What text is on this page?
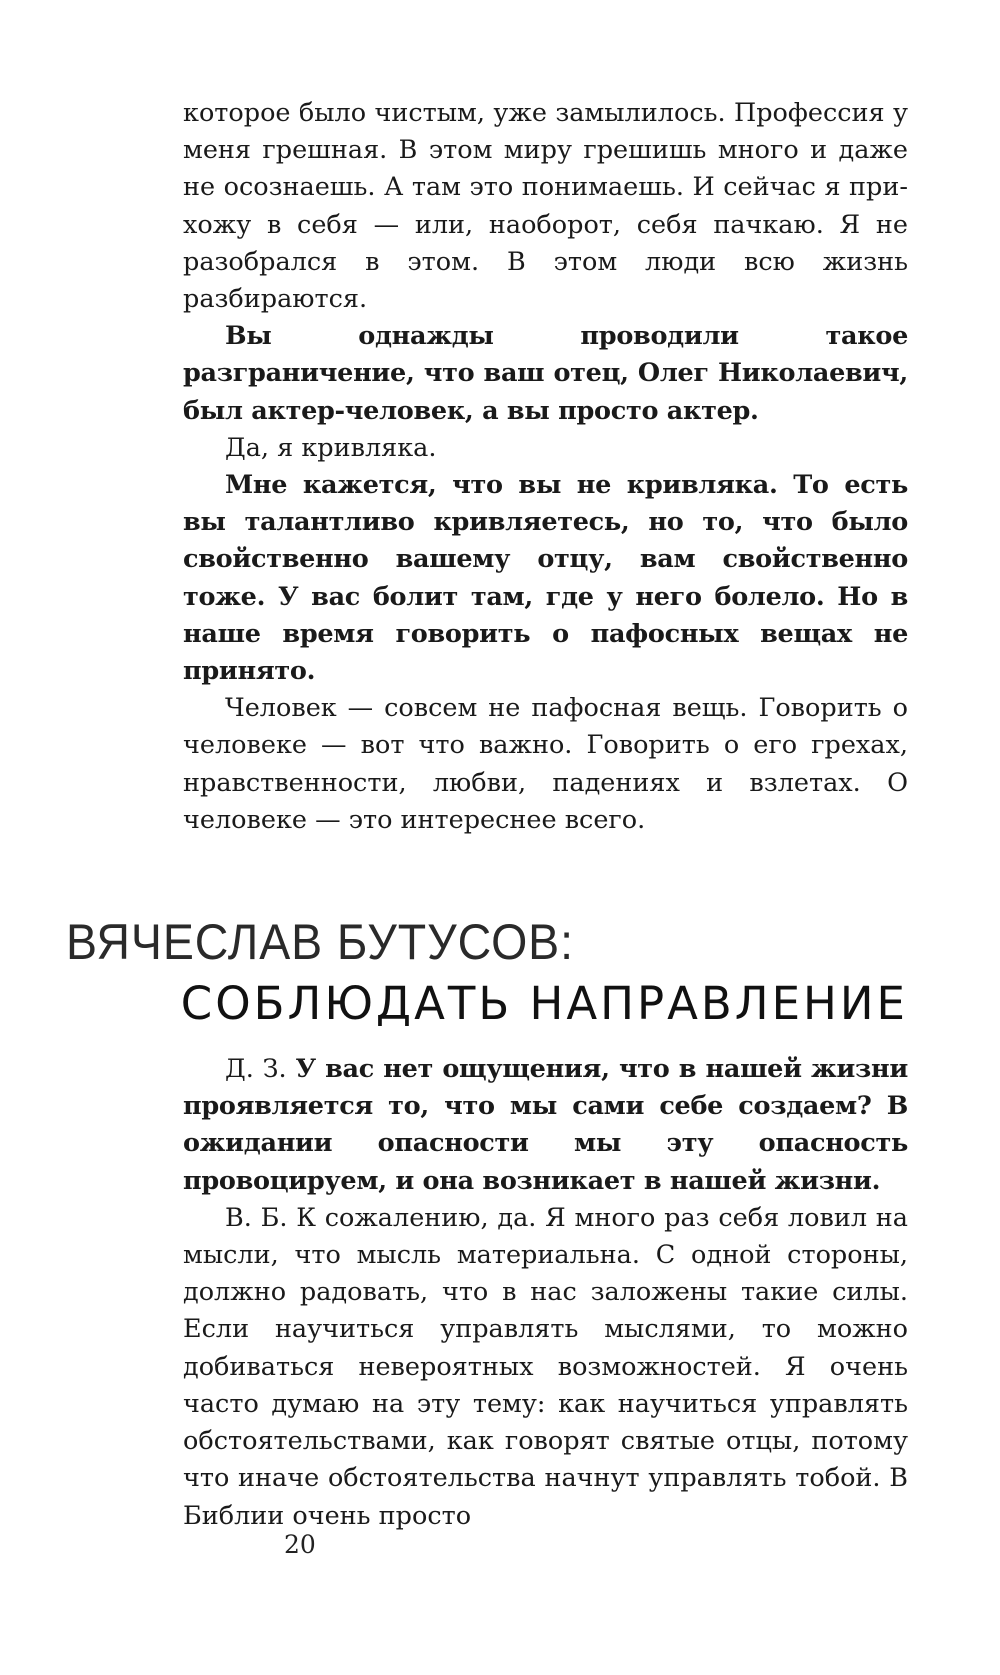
которое было чистым, уже замылилось. Профессия у меня грешная. В этом миру грешишь много и даже не осознаешь. А там это понимаешь. И сейчас я прихожу в себя — или, наоборот, себя пачкаю. Я не разобрался в этом. В этом люди всю жизнь разбираются.

Вы однажды проводили такое разграничение, что ваш отец, Олег Николаевич, был актер-человек, а вы просто актер.

Да, я кривляка.

Мне кажется, что вы не кривляка. То есть вы талантливо кривляетесь, но то, что было свойственно вашему отцу, вам свойственно тоже. У вас болит там, где у него болело. Но в наше время говорить о пафосных вещах не принято.

Человек — совсем не пафосная вещь. Говорить о человеке — вот что важно. Говорить о его грехах, нравственности, любви, падениях и взлетах. О человеке — это интереснее всего.

ВЯЧЕСЛАВ БУТУСОВ:
СОБЛЮДАТЬ НАПРАВЛЕНИЕ

Д. З. У вас нет ощущения, что в нашей жизни проявляется то, что мы сами себе создаем? В ожидании опасности мы эту опасность провоцируем, и она возникает в нашей жизни.

В. Б. К сожалению, да. Я много раз себя ловил на мысли, что мысль материальна. С одной стороны, должно радовать, что в нас заложены такие силы. Если научиться управлять мыслями, то можно добиваться невероятных возможностей. Я очень часто думаю на эту тему: как научиться управлять обстоятельствами, как говорят святые отцы, потому что иначе обстоятельства начнут управлять тобой. В Библии очень просто

20
